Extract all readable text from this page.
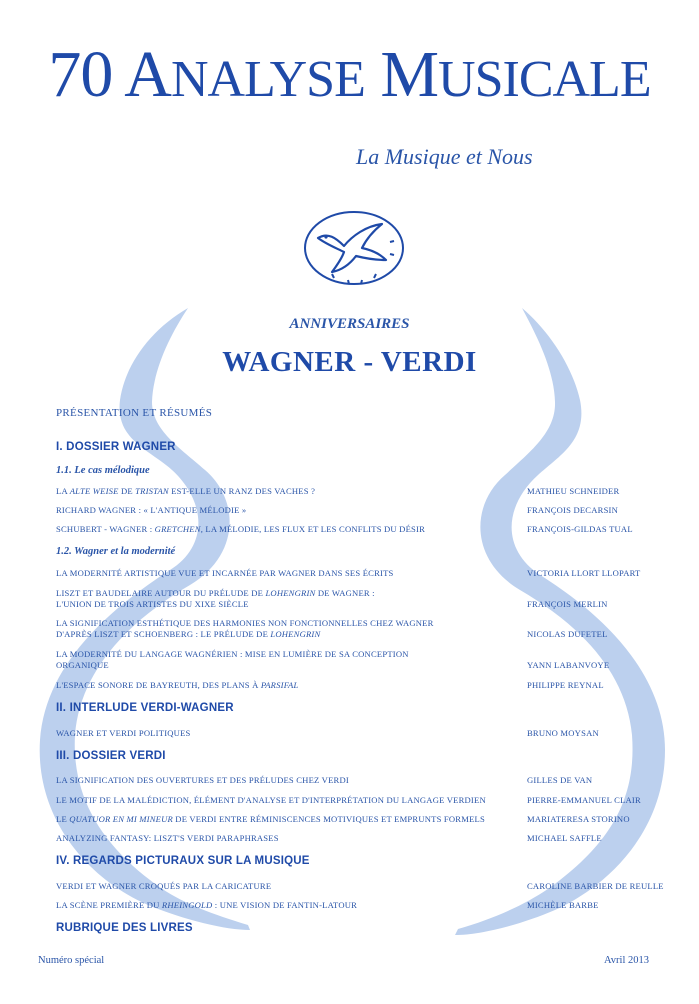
70 ANALYSE MUSICALE
La Musique et Nous
ANNIVERSAIRES
WAGNER - VERDI
PRÉSENTATION ET RÉSUMÉS
I. DOSSIER WAGNER
1.1. Le cas mélodique
LA ALTE WEISE DE TRISTAN EST-ELLE UN RANZ DES VACHES ?	MATHIEU SCHNEIDER
RICHARD WAGNER : « L'ANTIQUE MÉLODIE »	FRANÇOIS DECARSIN
SCHUBERT - WAGNER : GRETCHEN, LA MÉLODIE, LES FLUX ET LES CONFLITS DU DÉSIR	FRANÇOIS-GILDAS TUAL
1.2. Wagner et la modernité
LA MODERNITÉ ARTISTIQUE VUE ET INCARNÉE PAR WAGNER DANS SES ÉCRITS	VICTORIA LLORT LLOPART
LISZT ET BAUDELAIRE AUTOUR DU PRÉLUDE DE LOHENGRIN DE WAGNER :
L'UNION DE TROIS ARTISTES DU XIXE SIÈCLE	FRANÇOIS MERLIN
LA SIGNIFICATION ESTHÉTIQUE DES HARMONIES NON FONCTIONNELLES CHEZ WAGNER
D'APRÈS LISZT ET SCHOENBERG : LE PRÉLUDE DE LOHENGRIN	NICOLAS DUFETEL
LA MODERNITÉ DU LANGAGE WAGNÉRIEN : MISE EN LUMIÈRE DE SA CONCEPTION
ORGANIQUE	YANN LABANVOYE
L'ESPACE SONORE DE BAYREUTH, DES PLANS À PARSIFAL	PHILIPPE REYNAL
II. INTERLUDE VERDI-WAGNER
WAGNER ET VERDI POLITIQUES	BRUNO MOYSAN
III. DOSSIER VERDI
LA SIGNIFICATION DES OUVERTURES ET DES PRÉLUDES CHEZ VERDI	GILLES DE VAN
LE MOTIF DE LA MALÉDICTION, ÉLÉMENT D'ANALYSE ET D'INTERPRÉTATION DU LANGAGE VERDIEN	PIERRE-EMMANUEL CLAIR
LE QUATUOR EN MI MINEUR DE VERDI ENTRE RÉMINISCENCES MOTIVIQUES ET EMPRUNTS FORMELS	MARIATERESA STORINO
ANALYZING FANTASY: LISZT'S VERDI PARAPHRASES	MICHAEL SAFFLE
IV. REGARDS PICTURAUX SUR LA MUSIQUE
VERDI ET WAGNER CROQUÉS PAR LA CARICATURE	CAROLINE BARBIER DE REULLE
LA SCÈNE PREMIÈRE DU RHEINGOLD : UNE VISION DE FANTIN-LATOUR	MICHÈLE BARBE
RUBRIQUE DES LIVRES
Numéro spécial	Avril 2013
